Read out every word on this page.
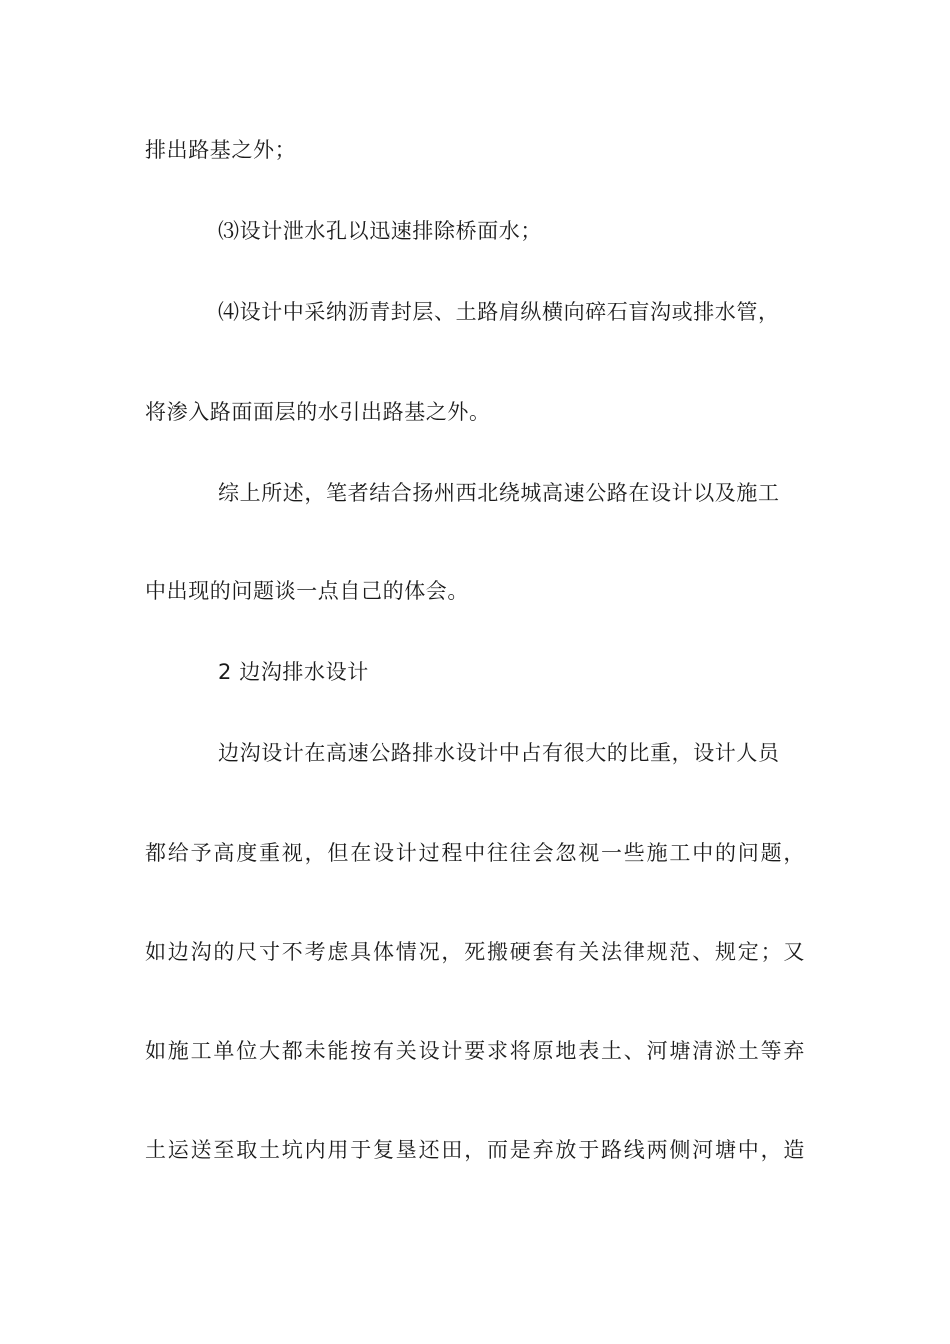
排出路基之外；
⑶设计泄水孔以迅速排除桥面水；
⑷设计中采纳沥青封层、土路肩纵横向碎石盲沟或排水管，
将渗入路面面层的水引出路基之外。
综上所述，笔者结合扬州西北绕城高速公路在设计以及施工
中出现的问题谈一点自己的体会。
2 边沟排水设计
边沟设计在高速公路排水设计中占有很大的比重，设计人员
都给予高度重视，但在设计过程中往往会忽视一些施工中的问题，
如边沟的尺寸不考虑具体情况，死搬硬套有关法律规范、规定；又
如施工单位大都未能按有关设计要求将原地表土、河塘清淤土等弃
土运送至取土坑内用于复垦还田，而是弃放于路线两侧河塘中，造
